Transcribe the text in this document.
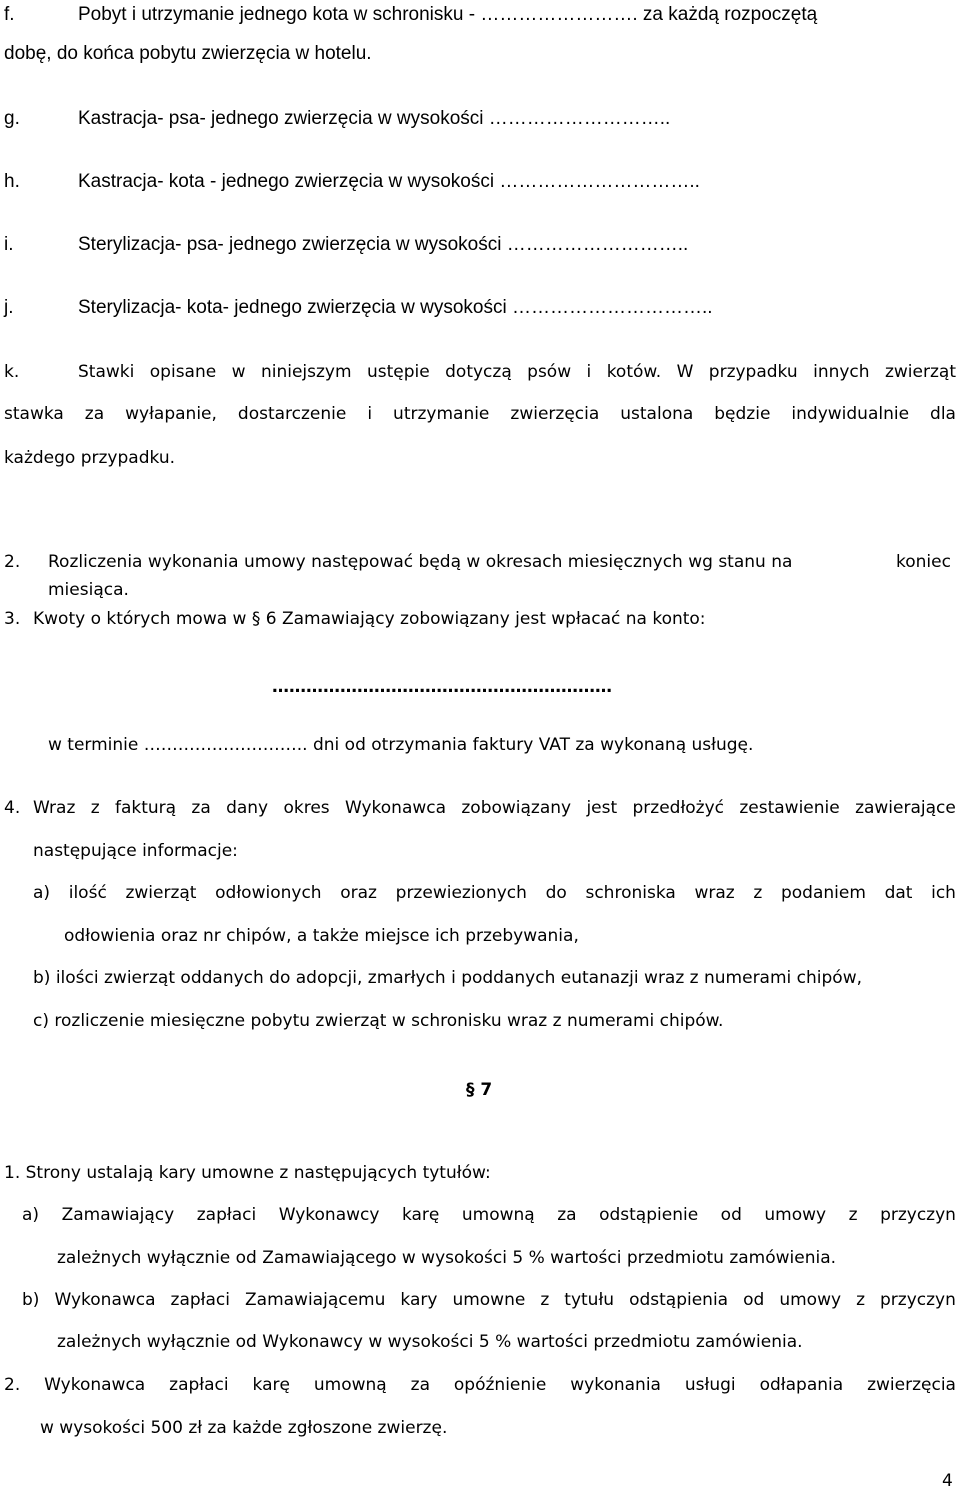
f.	Pobyt i utrzymanie jednego kota w schronisku - ……………………. za każdą rozpoczętą
dobę, do końca pobytu zwierzęcia w hotelu.
g.	Kastracja- psa- jednego zwierzęcia w wysokości ………………………..
h.	Kastracja- kota - jednego zwierzęcia w wysokości …………………………..
i.	Sterylizacja- psa- jednego zwierzęcia w wysokości ………………………..
j.	Sterylizacja- kota- jednego zwierzęcia w wysokości …………………………..
k.	Stawki opisane w niniejszym ustępie dotyczą psów i kotów. W przypadku innych zwierząt
stawka za wyłapanie, dostarczenie i utrzymanie zwierzęcia ustalona będzie indywidualnie dla
każdego przypadku.
2. Rozliczenia wykonania umowy następować będą w okresach miesięcznych wg stanu na	koniec
miesiąca.
3. Kwoty o których mowa w § 6 Zamawiający zobowiązany jest wpłacać na konto:
……………………………………………………
w terminie ……………………….. dni od otrzymania faktury VAT za wykonaną usługę.
4. Wraz z fakturą za dany okres Wykonawca zobowiązany jest przedłożyć zestawienie zawierające
następujące informacje:
a) ilość zwierząt odłowionych oraz przewiezionych do schroniska wraz z podaniem dat ich
odłowienia oraz nr chipów, a także miejsce ich przebywania,
b) ilości zwierząt oddanych do adopcji, zmarłych i poddanych eutanazji wraz z numerami chipów,
c) rozliczenie miesięczne pobytu zwierząt w schronisku wraz z numerami chipów.
§ 7
1. Strony ustalają kary umowne z następujących tytułów:
a) Zamawiający zapłaci Wykonawcy karę umowną za odstąpienie od umowy z przyczyn
zależnych wyłącznie od Zamawiającego w wysokości 5 % wartości przedmiotu zamówienia.
b) Wykonawca zapłaci Zamawiającemu kary umowne z tytułu odstąpienia od umowy z przyczyn
zależnych wyłącznie od Wykonawcy w wysokości 5 % wartości przedmiotu zamówienia.
2. Wykonawca zapłaci karę umowną za opóźnienie wykonania usługi odłapania zwierzęcia
w wysokości 500 zł za każde zgłoszone zwierzę.
4
